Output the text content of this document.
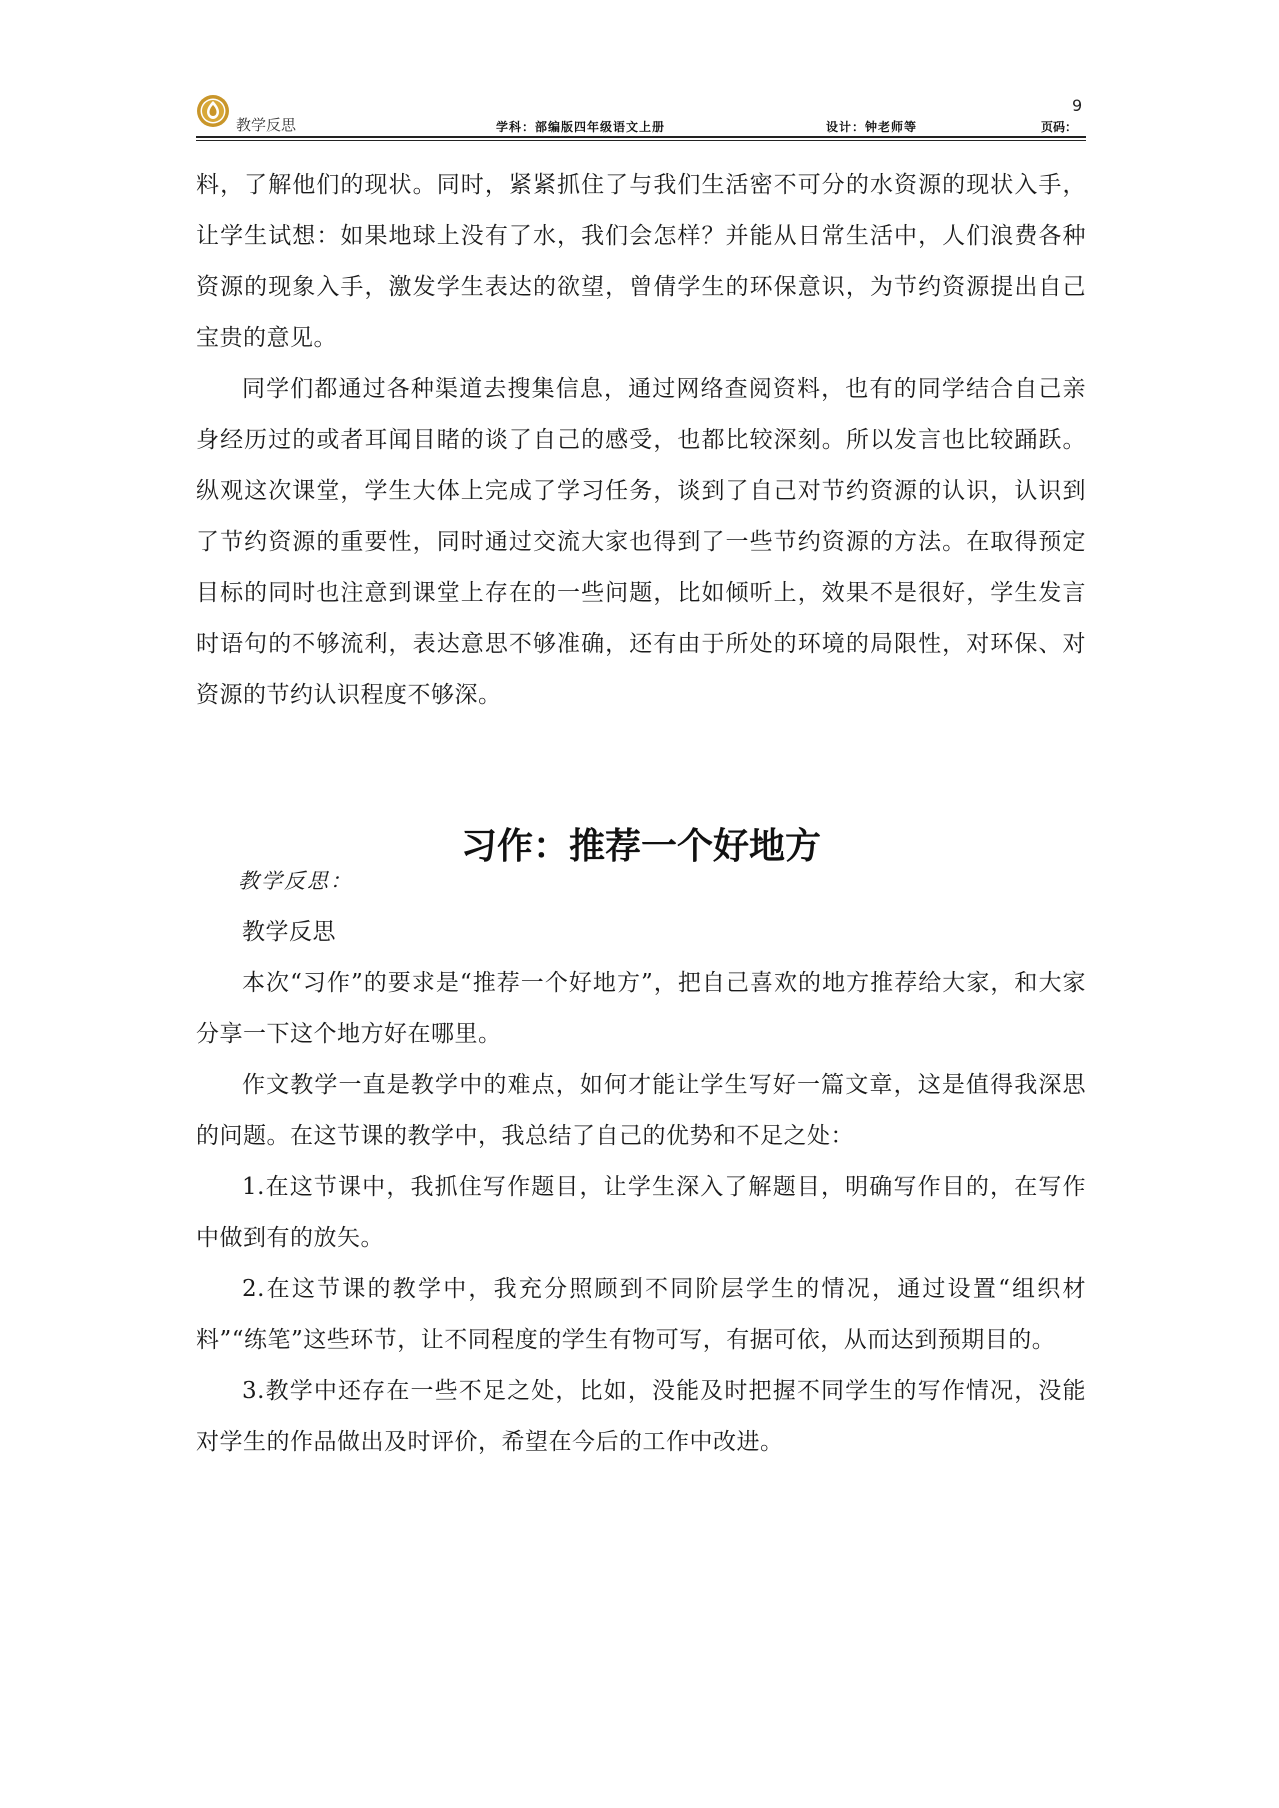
9
教学反思	学科：部编版四年级语文上册	设计：钟老师等	页码：

料，了解他们的现状。同时，紧紧抓住了与我们生活密不可分的水资源的现状入手，让学生试想：如果地球上没有了水，我们会怎样？并能从日常生活中，人们浪费各种资源的现象入手，激发学生表达的欲望，曾倩学生的环保意识，为节约资源提出自己宝贵的意见。

同学们都通过各种渠道去搜集信息，通过网络查阅资料，也有的同学结合自己亲身经历过的或者耳闻目睹的谈了自己的感受，也都比较深刻。所以发言也比较踊跃。纵观这次课堂，学生大体上完成了学习任务，谈到了自己对节约资源的认识，认识到了节约资源的重要性，同时通过交流大家也得到了一些节约资源的方法。在取得预定目标的同时也注意到课堂上存在的一些问题，比如倾听上，效果不是很好，学生发言时语句的不够流利，表达意思不够准确，还有由于所处的环境的局限性，对环保、对资源的节约认识程度不够深。

习作：推荐一个好地方

教学反思：

教学反思

本次“习作”的要求是“推荐一个好地方”，把自己喜欢的地方推荐给大家，和大家分享一下这个地方好在哪里。

作文教学一直是教学中的难点，如何才能让学生写好一篇文章，这是值得我深思的问题。在这节课的教学中，我总结了自己的优势和不足之处：

1.在这节课中，我抓住写作题目，让学生深入了解题目，明确写作目的，在写作中做到有的放矢。

2.在这节课的教学中，我充分照顾到不同阶层学生的情况，通过设置“组织材料”“练笔”这些环节，让不同程度的学生有物可写，有据可依，从而达到预期目的。

3.教学中还存在一些不足之处，比如，没能及时把握不同学生的写作情况，没能对学生的作品做出及时评价，希望在今后的工作中改进。
